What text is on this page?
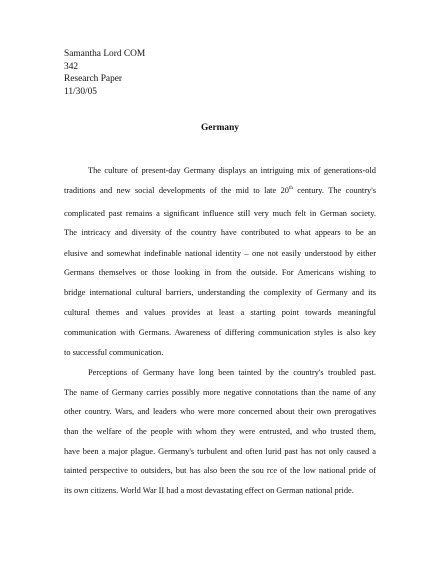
Samantha Lord COM
342
Research Paper
11/30/05
Germany
The culture of present-day Germany displays an intriguing mix of generations-old
traditions and new social developments of the mid to late 20th century. The country's
complicated past remains a significant influence still very much felt in German society.
The intricacy and diversity of the country have contributed to what appears to be an
elusive and somewhat indefinable national identity – one not easily understood by either
Germans themselves or those looking in from the outside. For Americans wishing to
bridge international cultural barriers, understanding the complexity of Germany and its
cultural themes and values provides at least a starting point towards meaningful
communication with Germans. Awareness of differing communication styles is also key
to successful communication.
Perceptions of Germany have long been tainted by the country's troubled past.
The name of Germany carries possibly more negative connotations than the name of any
other country. Wars, and leaders who were more concerned about their own prerogatives
than the welfare of the people with whom they were entrusted, and who trusted them,
have been a major plague. Germany's turbulent and often lurid past has not only caused a
tainted perspective to outsiders, but has also been the sou rce of the low national pride of
its own citizens. World War II had a most devastating effect on German national pride.
